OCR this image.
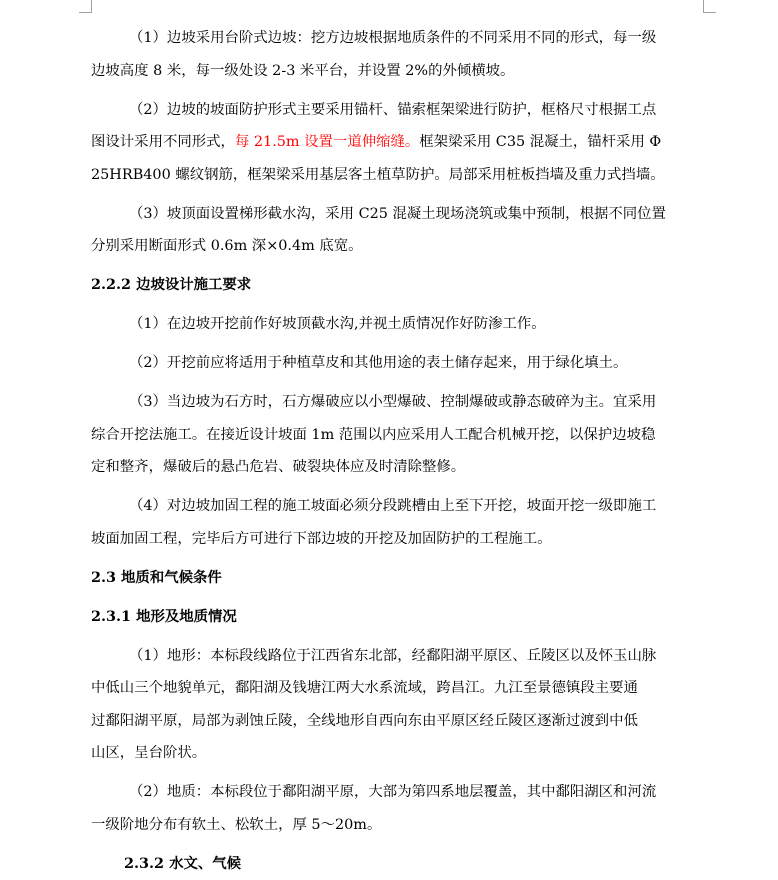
（1）边坡采用台阶式边坡：挖方边坡根据地质条件的不同采用不同的形式，每一级

边坡高度 8 米，每一级处设 2-3 米平台，并设置 2%的外倾横坡。

（2）边坡的坡面防护形式主要采用锚杆、锚索框架梁进行防护，框格尺寸根据工点

图设计采用不同形式，每 21.5m 设置一道伸缩缝。框架梁采用 C35 混凝土，锚杆采用 Φ

25HRB400 螺纹钢筋，框架梁采用基层客土植草防护。局部采用桩板挡墙及重力式挡墙。

（3）坡顶面设置梯形截水沟，采用 C25 混凝土现场浇筑或集中预制，根据不同位置

分别采用断面形式 0.6m 深×0.4m 底宽。

2.2.2 边坡设计施工要求

（1）在边坡开挖前作好坡顶截水沟,并视土质情况作好防渗工作。

（2）开挖前应将适用于种植草皮和其他用途的表土储存起来，用于绿化填土。

（3）当边坡为石方时，石方爆破应以小型爆破、控制爆破或静态破碎为主。宜采用

综合开挖法施工。在接近设计坡面 1m 范围以内应采用人工配合机械开挖，以保护边坡稳

定和整齐，爆破后的悬凸危岩、破裂块体应及时清除整修。

（4）对边坡加固工程的施工坡面必须分段跳槽由上至下开挖，坡面开挖一级即施工

坡面加固工程，完毕后方可进行下部边坡的开挖及加固防护的工程施工。

2.3 地质和气候条件
2.3.1 地形及地质情况

（1）地形：本标段线路位于江西省东北部，经鄱阳湖平原区、丘陵区以及怀玉山脉

中低山三个地貌单元，鄱阳湖及钱塘江两大水系流域，跨昌江。九江至景德镇段主要通

过鄱阳湖平原，局部为剥蚀丘陵，全线地形自西向东由平原区经丘陵区逐渐过渡到中低

山区，呈台阶状。

（2）地质：本标段位于鄱阳湖平原，大部为第四系地层覆盖，其中鄱阳湖区和河流

一级阶地分布有软土、松软土，厚 5～20m。

2.3.2 水文、气候
